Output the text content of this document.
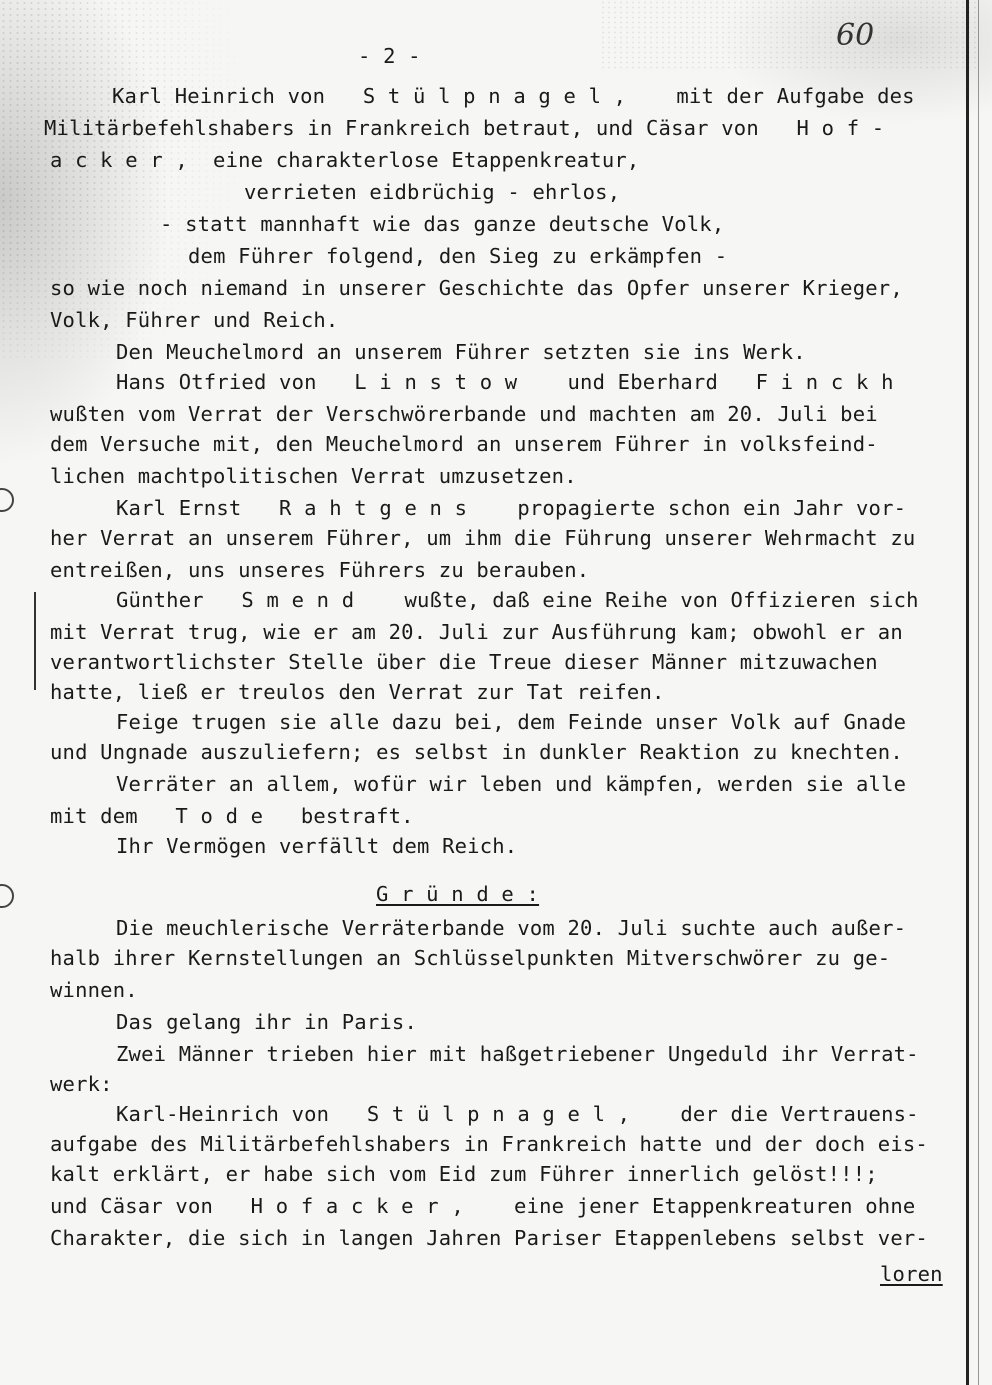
60
- 2 -
Karl Heinrich von   S t ü l p n a g e l ,    mit der Aufgabe des
Militärbefehlshabers in Frankreich betraut, und Cäsar von   H o f -
a c k e r ,  eine charakterlose Etappenkreatur,
verrieten eidbrüchig - ehrlos,
- statt mannhaft wie das ganze deutsche Volk,
dem Führer folgend, den Sieg zu erkämpfen -
so wie noch niemand in unserer Geschichte das Opfer unserer Krieger,
Volk, Führer und Reich.
Den Meuchelmord an unserem Führer setzten sie ins Werk.
Hans Otfried von   L i n s t o w    und Eberhard   F i n c k h
wußten vom Verrat der Verschwörerbande und machten am 20. Juli bei
dem Versuche mit, den Meuchelmord an unserem Führer in volksfeind-
lichen machtpolitischen Verrat umzusetzen.
Karl Ernst   R a h t g e n s    propagierte schon ein Jahr vor-
her Verrat an unserem Führer, um ihm die Führung unserer Wehrmacht zu
entreißen, uns unseres Führers zu berauben.
Günther   S m e n d    wußte, daß eine Reihe von Offizieren sich
mit Verrat trug, wie er am 20. Juli zur Ausführung kam; obwohl er an
verantwortlichster Stelle über die Treue dieser Männer mitzuwachen
hatte, ließ er treulos den Verrat zur Tat reifen.
Feige trugen sie alle dazu bei, dem Feinde unser Volk auf Gnade
und Ungnade auszuliefern; es selbst in dunkler Reaktion zu knechten.
Verräter an allem, wofür wir leben und kämpfen, werden sie alle
mit dem   T o d e   bestraft.
Ihr Vermögen verfällt dem Reich.
G r ü n d e :
Die meuchlerische Verräterbande vom 20. Juli suchte auch außer-
halb ihrer Kernstellungen an Schlüsselpunkten Mitverschwörer zu ge-
winnen.
Das gelang ihr in Paris.
Zwei Männer trieben hier mit haßgetriebener Ungeduld ihr Verrat-
werk:
Karl-Heinrich von   S t ü l p n a g e l ,    der die Vertrauens-
aufgabe des Militärbefehlshabers in Frankreich hatte und der doch eis-
kalt erklärt, er habe sich vom Eid zum Führer innerlich gelöst!!!;
und Cäsar von   H o f a c k e r ,    eine jener Etappenkreaturen ohne
Charakter, die sich in langen Jahren Pariser Etappenlebens selbst ver-
loren
